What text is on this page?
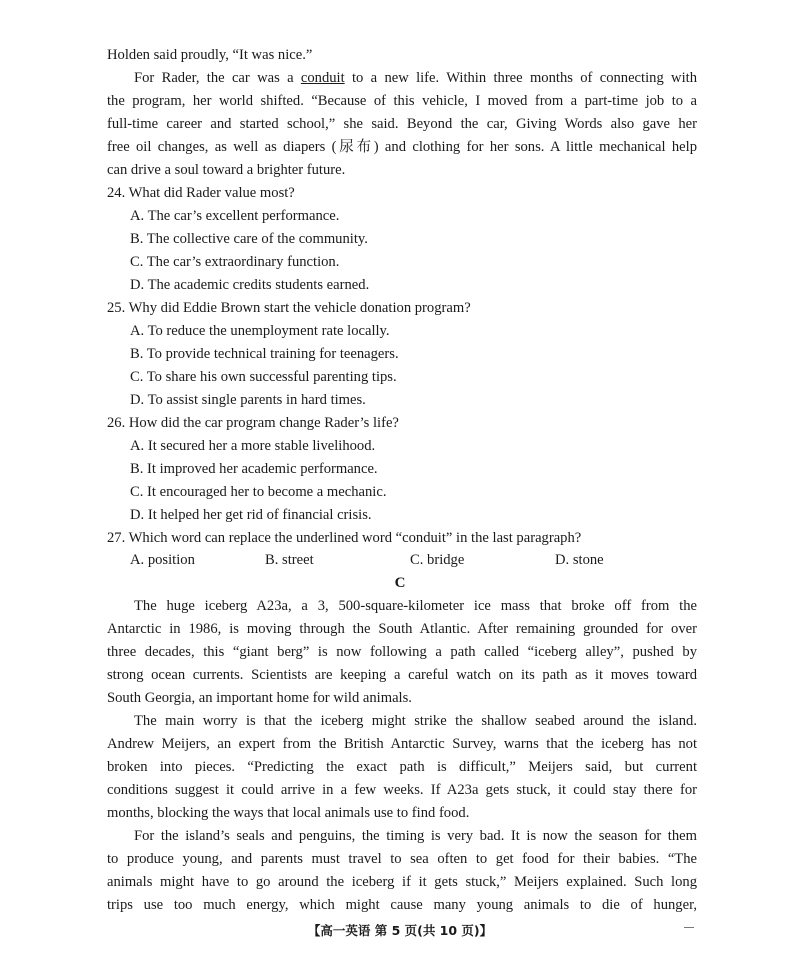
Holden said proudly, “It was nice.”
For Rader, the car was a conduit to a new life. Within three months of connecting with
the program, her world shifted. “Because of this vehicle, I moved from a part-time job to a
full-time career and started school,” she said. Beyond the car, Giving Words also gave her
free oil changes, as well as diapers (尿布) and clothing for her sons. A little mechanical help
can drive a soul toward a brighter future.
24. What did Rader value most?
A. The car’s excellent performance.
B. The collective care of the community.
C. The car’s extraordinary function.
D. The academic credits students earned.
25. Why did Eddie Brown start the vehicle donation program?
A. To reduce the unemployment rate locally.
B. To provide technical training for teenagers.
C. To share his own successful parenting tips.
D. To assist single parents in hard times.
26. How did the car program change Rader’s life?
A. It secured her a more stable livelihood.
B. It improved her academic performance.
C. It encouraged her to become a mechanic.
D. It helped her get rid of financial crisis.
27. Which word can replace the underlined word “conduit” in the last paragraph?
A. position	B. street	C. bridge	D. stone
C
The huge iceberg A23a, a 3, 500-square-kilometer ice mass that broke off from the
Antarctic in 1986, is moving through the South Atlantic. After remaining grounded for over
three decades, this “giant berg” is now following a path called “iceberg alley”, pushed by
strong ocean currents. Scientists are keeping a careful watch on its path as it moves toward
South Georgia, an important home for wild animals.
The main worry is that the iceberg might strike the shallow seabed around the island.
Andrew Meijers, an expert from the British Antarctic Survey, warns that the iceberg has not
broken into pieces. “Predicting the exact path is difficult,” Meijers said, but current
conditions suggest it could arrive in a few weeks. If A23a gets stuck, it could stay there for
months, blocking the ways that local animals use to find food.
For the island’s seals and penguins, the timing is very bad. It is now the season for them
to produce young, and parents must travel to sea often to get food for their babies. “The
animals might have to go around the iceberg if it gets stuck,” Meijers explained. Such long
trips use too much energy, which might cause many young animals to die of hunger,
【高一英语 第 5 页(共 10 页)】
